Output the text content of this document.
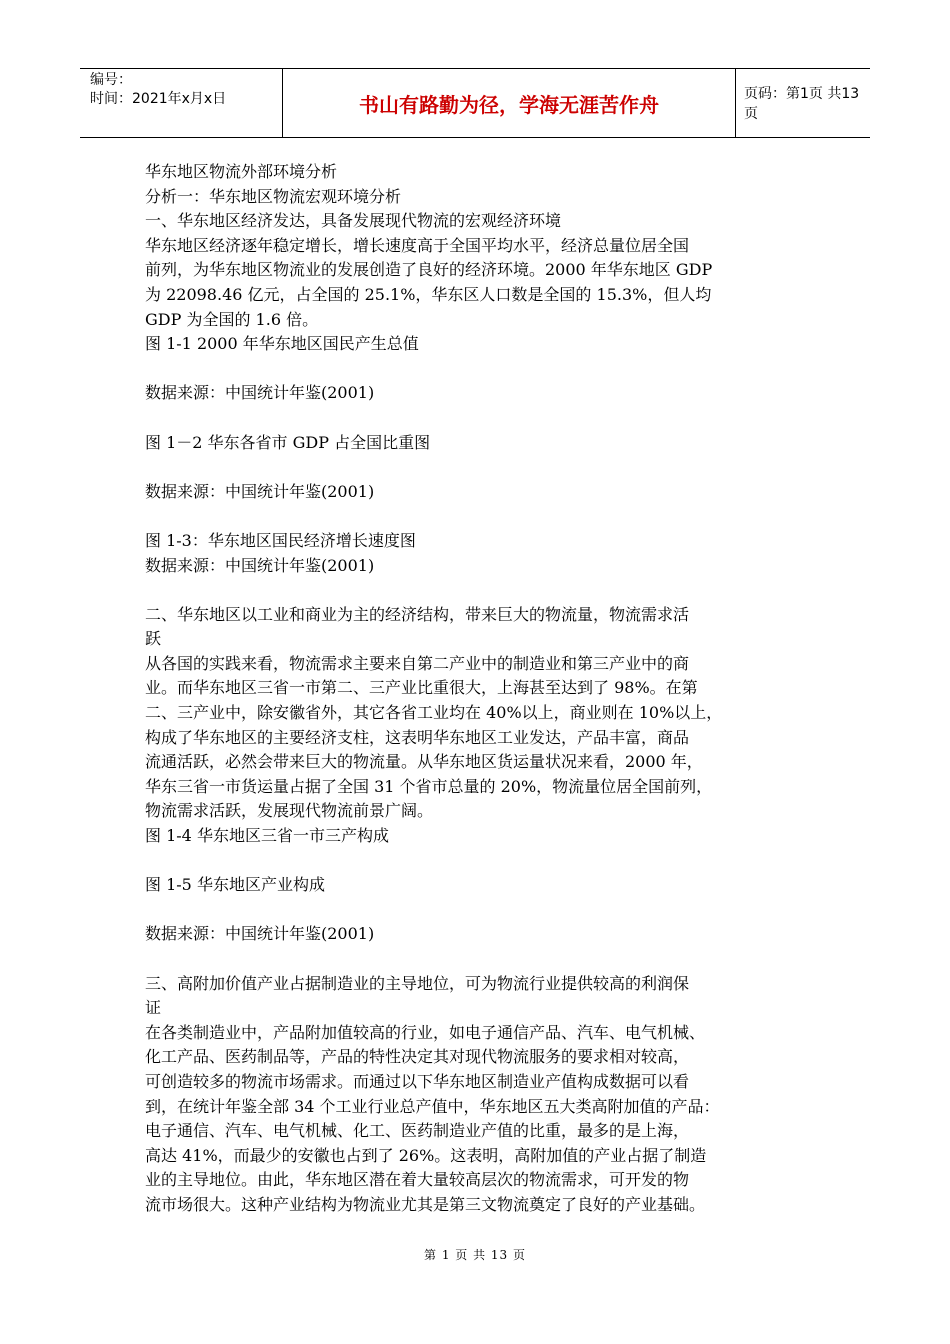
编号：
时间：2021年x月x日	书山有路勤为径，学海无涯苦作舟	页码：第1页 共13页
华东地区物流外部环境分析
分析一：华东地区物流宏观环境分析
一、华东地区经济发达，具备发展现代物流的宏观经济环境
华东地区经济逐年稳定增长，增长速度高于全国平均水平，经济总量位居全国
前列，为华东地区物流业的发展创造了良好的经济环境。2000 年华东地区 GDP
为 22098.46 亿元，占全国的 25.1%，华东区人口数是全国的 15.3%，但人均
GDP 为全国的 1.6 倍。
图 1-1 2000 年华东地区国民产生总值
数据来源：中国统计年鉴(2001)
图 1－2 华东各省市 GDP 占全国比重图
数据来源：中国统计年鉴(2001)
图 1-3：华东地区国民经济增长速度图
数据来源：中国统计年鉴(2001)
二、华东地区以工业和商业为主的经济结构，带来巨大的物流量，物流需求活
跃
从各国的实践来看，物流需求主要来自第二产业中的制造业和第三产业中的商
业。而华东地区三省一市第二、三产业比重很大，上海甚至达到了 98%。在第
二、三产业中，除安徽省外，其它各省工业均在 40%以上，商业则在 10%以上，
构成了华东地区的主要经济支柱，这表明华东地区工业发达，产品丰富，商品
流通活跃，必然会带来巨大的物流量。从华东地区货运量状况来看，2000 年，
华东三省一市货运量占据了全国 31 个省市总量的 20%，物流量位居全国前列，
物流需求活跃，发展现代物流前景广阔。
图 1-4 华东地区三省一市三产构成
图 1-5 华东地区产业构成
数据来源：中国统计年鉴(2001)
三、高附加价值产业占据制造业的主导地位，可为物流行业提供较高的利润保
证
在各类制造业中，产品附加值较高的行业，如电子通信产品、汽车、电气机械、
化工产品、医药制品等，产品的特性决定其对现代物流服务的要求相对较高，
可创造较多的物流市场需求。而通过以下华东地区制造业产值构成数据可以看
到，在统计年鉴全部 34 个工业行业总产值中，华东地区五大类高附加值的产品：
电子通信、汽车、电气机械、化工、医药制造业产值的比重，最多的是上海，
高达 41%，而最少的安徽也占到了 26%。这表明，高附加值的产业占据了制造
业的主导地位。由此，华东地区潜在着大量较高层次的物流需求，可开发的物
流市场很大。这种产业结构为物流业尤其是第三文物流奠定了良好的产业基础。
第 1 页 共 13 页
